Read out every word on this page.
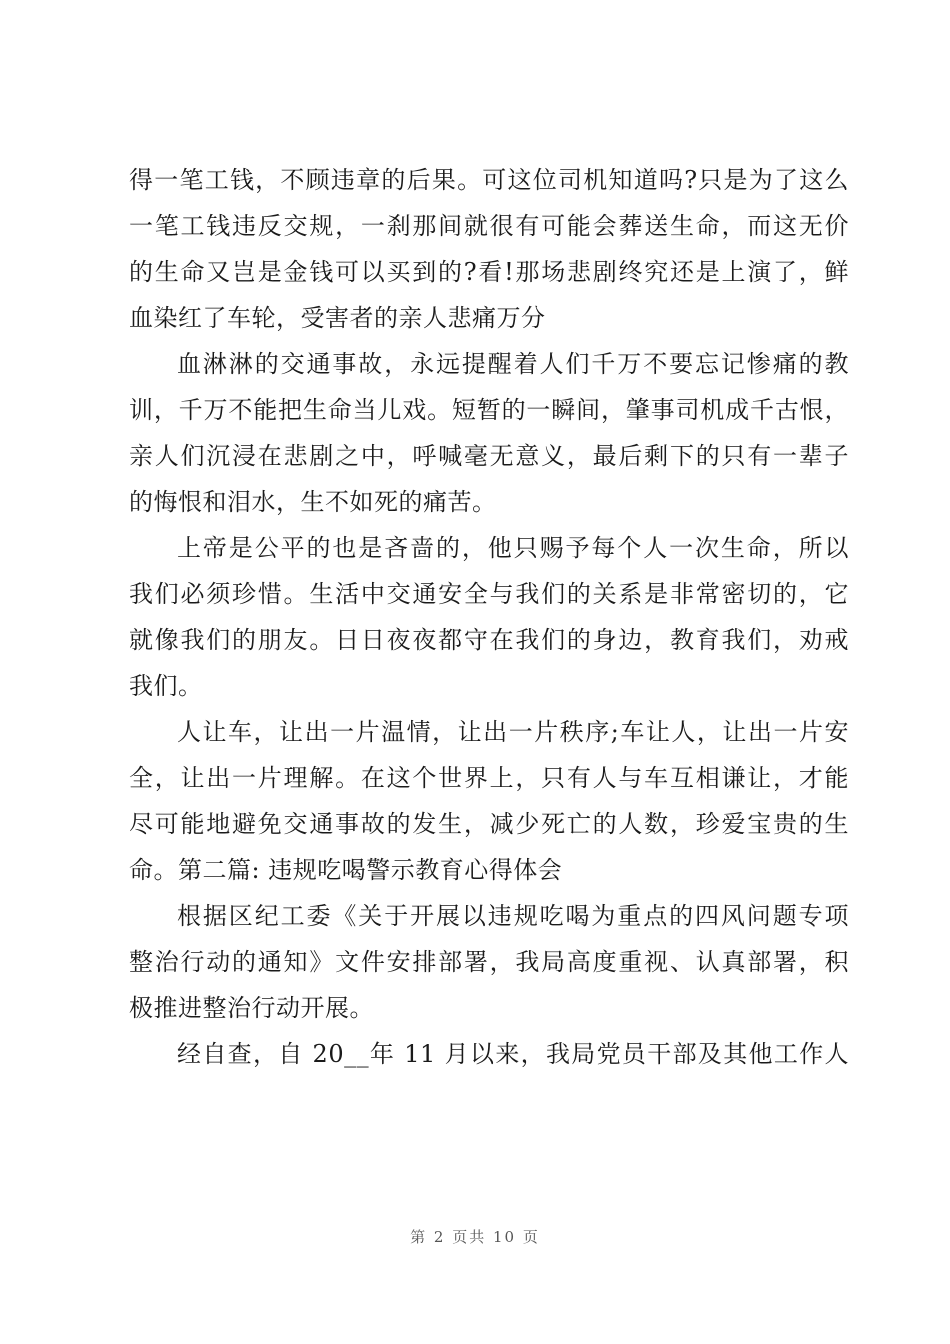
得一笔工钱，不顾违章的后果。可这位司机知道吗?只是为了这么
一笔工钱违反交规，一刹那间就很有可能会葬送生命，而这无价
的生命又岂是金钱可以买到的?看!那场悲剧终究还是上演了，鲜
血染红了车轮，受害者的亲人悲痛万分
血淋淋的交通事故，永远提醒着人们千万不要忘记惨痛的教
训，千万不能把生命当儿戏。短暂的一瞬间，肇事司机成千古恨，
亲人们沉浸在悲剧之中，呼喊毫无意义，最后剩下的只有一辈子
的悔恨和泪水，生不如死的痛苦。
上帝是公平的也是吝啬的，他只赐予每个人一次生命，所以
我们必须珍惜。生活中交通安全与我们的关系是非常密切的，它
就像我们的朋友。日日夜夜都守在我们的身边，教育我们，劝戒
我们。
人让车，让出一片温情，让出一片秩序;车让人，让出一片安
全，让出一片理解。在这个世界上，只有人与车互相谦让，才能
尽可能地避免交通事故的发生，减少死亡的人数，珍爱宝贵的生
命。第二篇: 违规吃喝警示教育心得体会
根据区纪工委《关于开展以违规吃喝为重点的四风问题专项
整治行动的通知》文件安排部署，我局高度重视、认真部署，积
极推进整治行动开展。
经自查，自 20__年 11 月以来，我局党员干部及其他工作人
第 2 页共 10 页
